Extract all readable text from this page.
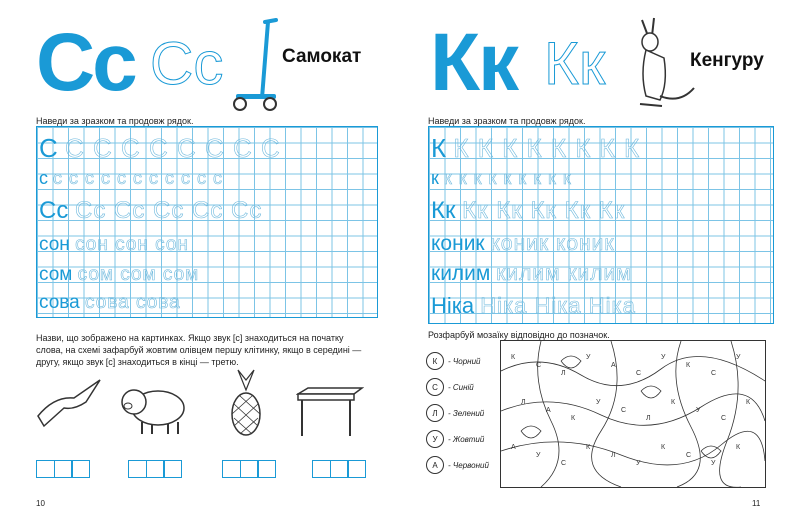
Сс Сс	Самокат
Наведи за зразком та продовж рядок.
С С С С С С С С С
с с с с с с с с с с с с
Сс Сс Сс Сс Сс Сс
сон сон сон сон
сом сом сом сом
сова сова сова
Назви, що зображено на картинках. Якщо звук [с] знаходиться на початку слова, на схемі зафарбуй жовтим олівцем першу клітинку, якщо в середині — другу, якщо звук [с] знаходиться в кінці — третю.
10
Кк Кк	Кенгуру
Наведи за зразком та продовж рядок.
К К К К К К К К К
к к к к к к к к к к
Кк Кк Кк Кк Кк Кк
коник коник коник
килим килим килим
Ніка Ніка Ніка Ніка
Розфарбуй мозаїку відповідно до позначок.
К	- Чорний
С	- Синій
Л	- Зелений
У	- Жовтий
А	- Червоний
К
С
Л
У
А
С
У
К
С
У
Л
А
К
У
С
Л
К
У
С
К
А
У
С
К
Л
У
К
С
У
К
11
